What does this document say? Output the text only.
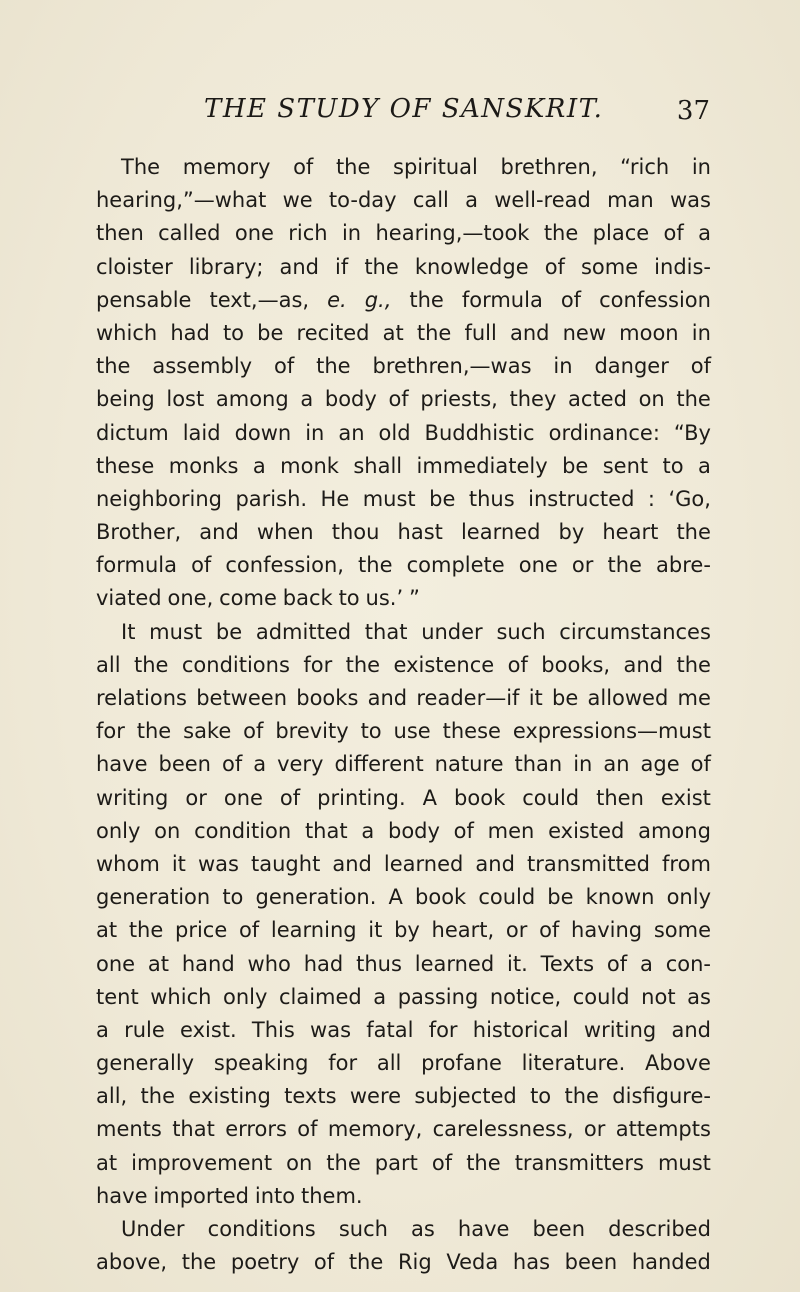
THE STUDY OF SANSKRIT.	37
The memory of the spiritual brethren, “rich in
hearing,”—what we to-day call a well-read man was
then called one rich in hearing,—took the place of a
cloister library; and if the knowledge of some indis-
pensable text,—as, e. g., the formula of confession
which had to be recited at the full and new moon in
the assembly of the brethren,—was in danger of
being lost among a body of priests, they acted on the
dictum laid down in an old Buddhistic ordinance: “By
these monks a monk shall immediately be sent to a
neighboring parish. He must be thus instructed : ‘Go,
Brother, and when thou hast learned by heart the
formula of confession, the complete one or the abre-
viated one, come back to us.’ ”
It must be admitted that under such circumstances
all the conditions for the existence of books, and the
relations between books and reader—if it be allowed me
for the sake of brevity to use these expressions—must
have been of a very different nature than in an age of
writing or one of printing. A book could then exist
only on condition that a body of men existed among
whom it was taught and learned and transmitted from
generation to generation. A book could be known only
at the price of learning it by heart, or of having some
one at hand who had thus learned it. Texts of a con-
tent which only claimed a passing notice, could not as
a rule exist. This was fatal for historical writing and
generally speaking for all profane literature. Above
all, the existing texts were subjected to the disfigure-
ments that errors of memory, carelessness, or attempts
at improvement on the part of the transmitters must
have imported into them.
Under conditions such as have been described
above, the poetry of the Rig Veda has been handed
